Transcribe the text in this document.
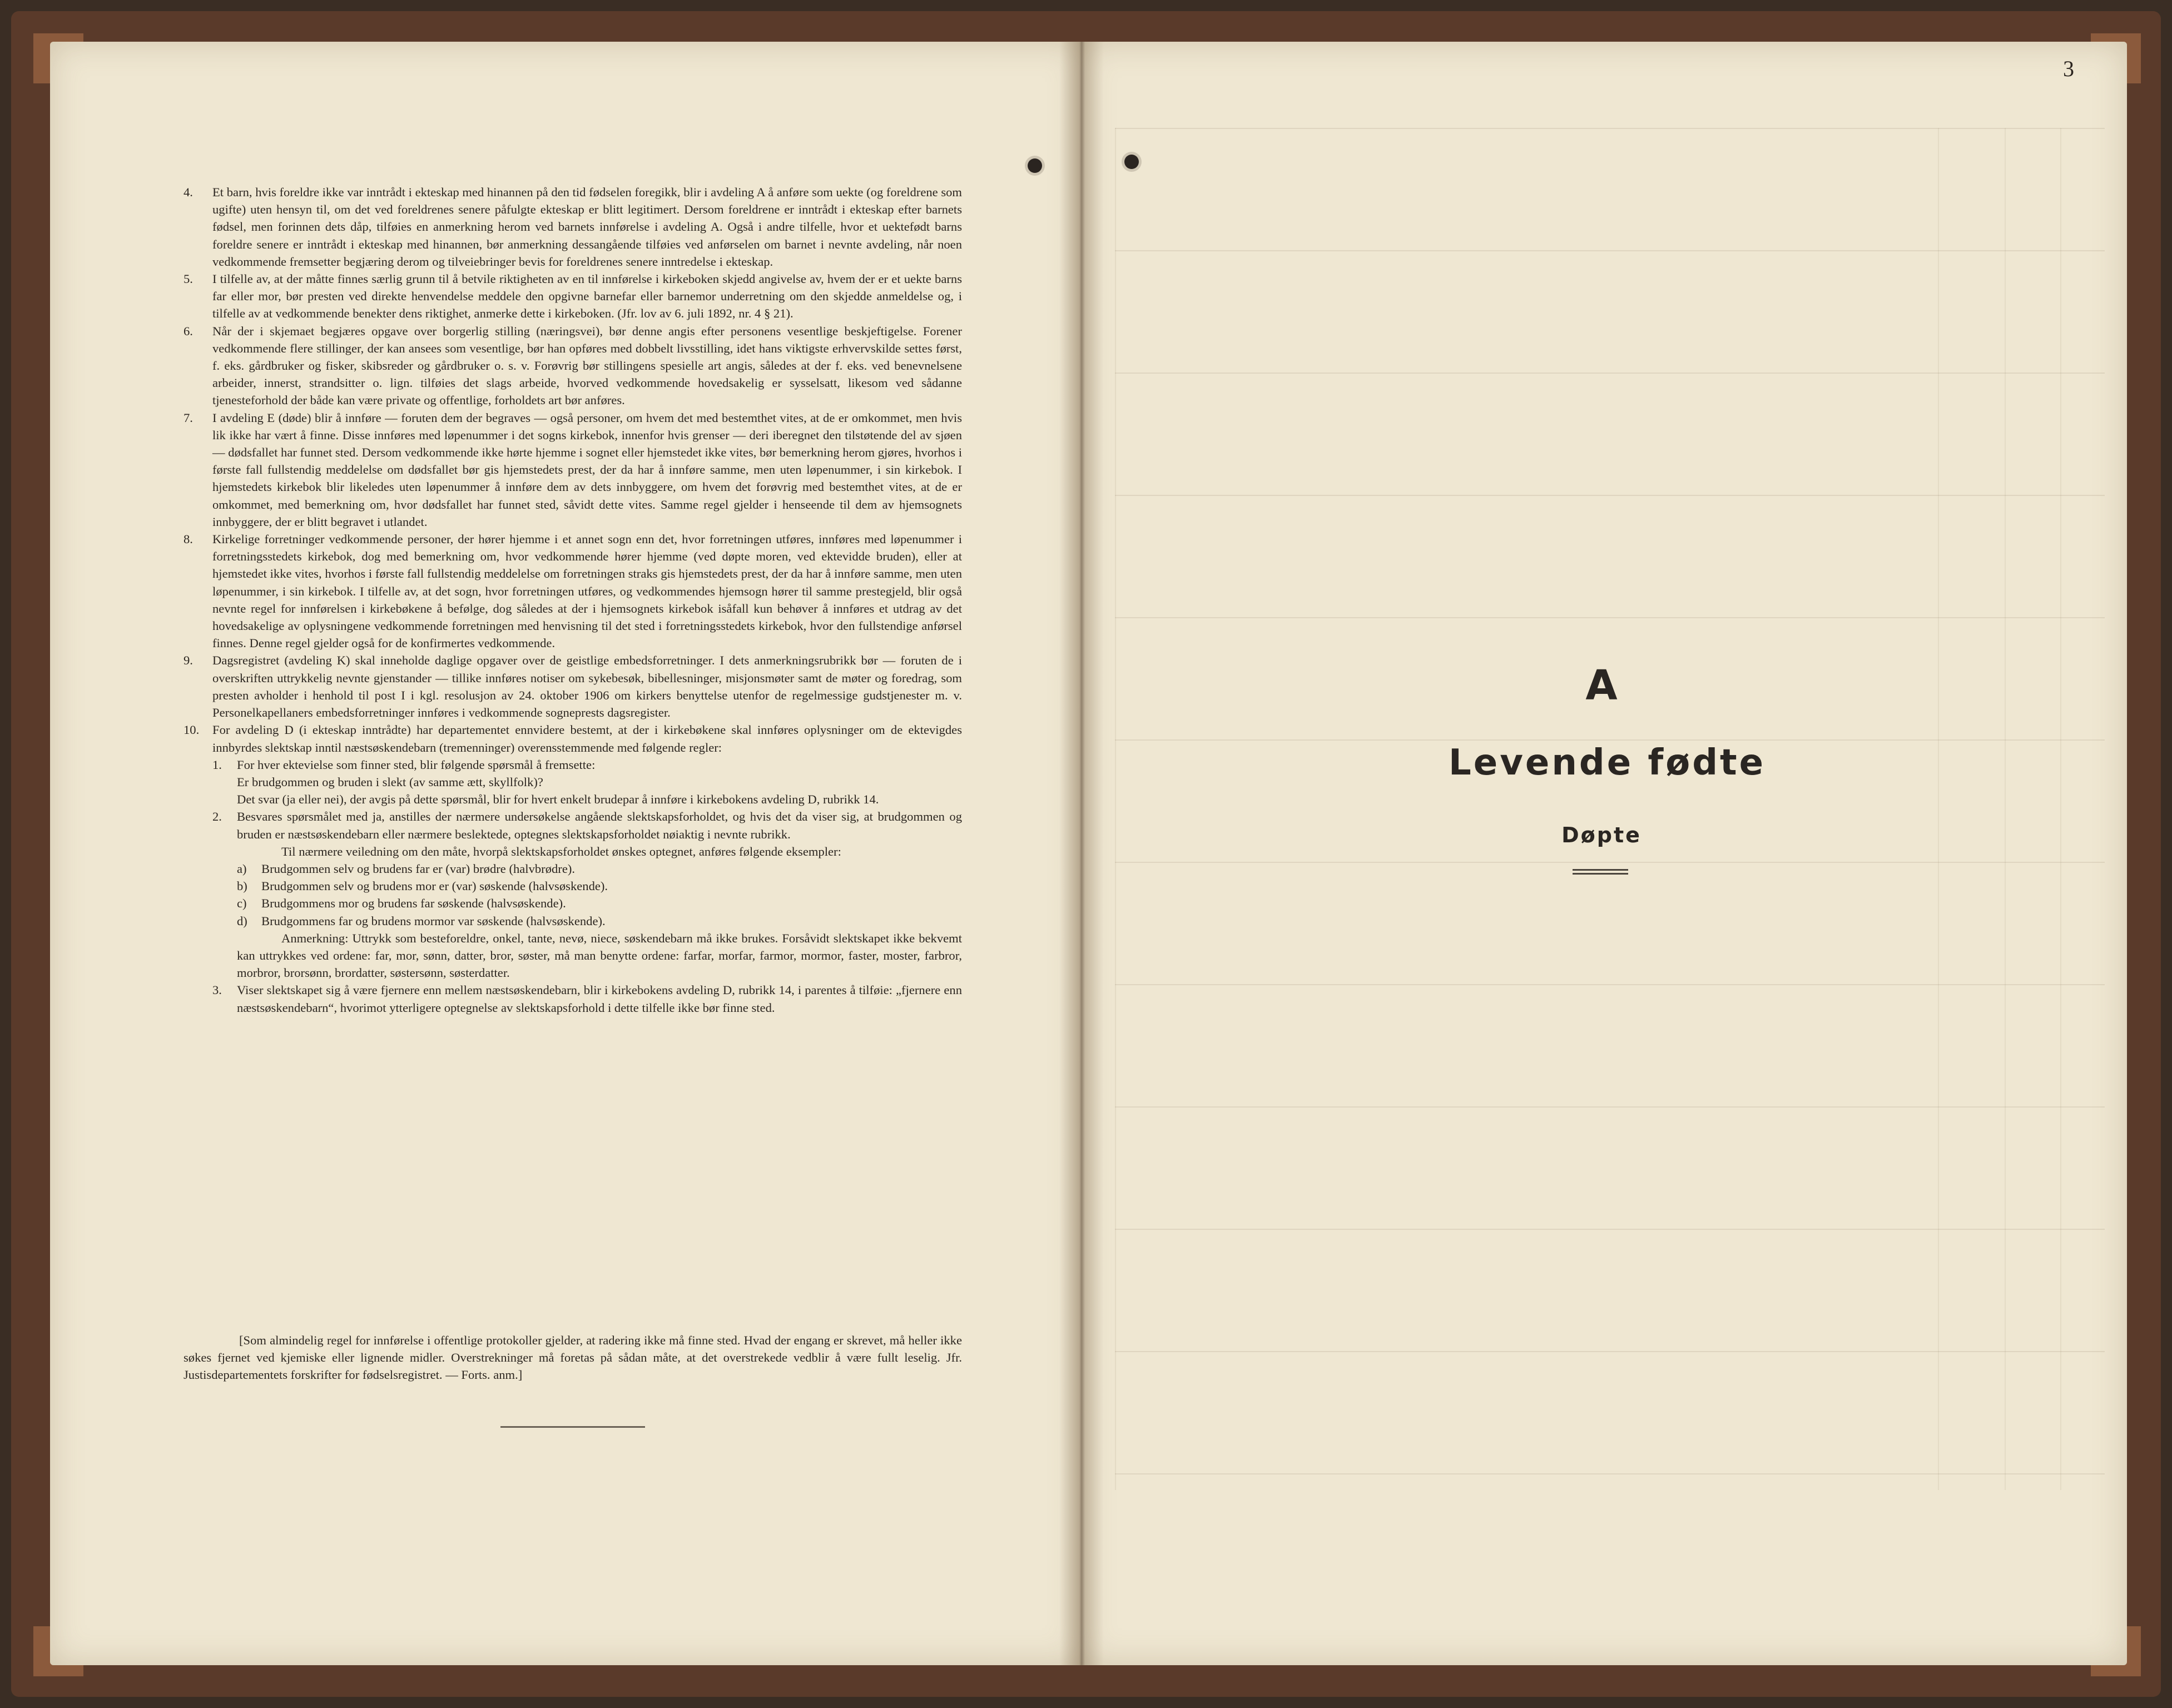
4.	Et barn, hvis foreldre ikke var inntrådt i ekteskap med hinannen på den tid fødselen foregikk, blir i avdeling A å anføre som uekte (og foreldrene som ugifte) uten hensyn til, om det ved foreldrenes senere påfulgte ekteskap er blitt legitimert. Dersom foreldrene er inntrådt i ekteskap efter barnets fødsel, men forinnen dets dåp, tilføies en anmerkning herom ved barnets innførelse i avdeling A. Også i andre tilfelle, hvor et uektefødt barns foreldre senere er inntrådt i ekteskap med hinannen, bør anmerkning dessangående tilføies ved anførselen om barnet i nevnte avdeling, når noen vedkommende fremsetter begjæring derom og tilveiebringer bevis for foreldrenes senere inntredelse i ekteskap.
5.	I tilfelle av, at der måtte finnes særlig grunn til å betvile riktigheten av en til innførelse i kirkeboken skjedd angivelse av, hvem der er et uekte barns far eller mor, bør presten ved direkte henvendelse meddele den opgivne barnefar eller barnemor underretning om den skjedde anmeldelse og, i tilfelle av at vedkommende benekter dens riktighet, anmerke dette i kirkeboken. (Jfr. lov av 6. juli 1892, nr. 4 § 21).
6.	Når der i skjemaet begjæres opgave over borgerlig stilling (næringsvei), bør denne angis efter personens vesentlige beskjeftigelse. Forener vedkommende flere stillinger, der kan ansees som vesentlige, bør han opføres med dobbelt livsstilling, idet hans viktigste erhvervskilde settes først, f. eks. gårdbruker og fisker, skibsreder og gårdbruker o. s. v. Forøvrig bør stillingens spesielle art angis, således at der f. eks. ved benevnelsene arbeider, innerst, strandsitter o. lign. tilføies det slags arbeide, hvorved vedkommende hovedsakelig er sysselsatt, likesom ved sådanne tjenesteforhold der både kan være private og offentlige, forholdets art bør anføres.
7.	I avdeling E (døde) blir å innføre — foruten dem der begraves — også personer, om hvem det med bestemthet vites, at de er omkommet, men hvis lik ikke har vært å finne. Disse innføres med løpenummer i det sogns kirkebok, innenfor hvis grenser — deri iberegnet den tilstøtende del av sjøen — dødsfallet har funnet sted. Dersom vedkommende ikke hørte hjemme i sognet eller hjemstedet ikke vites, bør bemerkning herom gjøres, hvorhos i første fall fullstendig meddelelse om dødsfallet bør gis hjemstedets prest, der da har å innføre samme, men uten løpenummer, i sin kirkebok. I hjemstedets kirkebok blir likeledes uten løpenummer å innføre dem av dets innbyggere, om hvem det forøvrig med bestemthet vites, at de er omkommet, med bemerkning om, hvor dødsfallet har funnet sted, såvidt dette vites. Samme regel gjelder i henseende til dem av hjemsognets innbyggere, der er blitt begravet i utlandet.
8.	Kirkelige forretninger vedkommende personer, der hører hjemme i et annet sogn enn det, hvor forretningen utføres, innføres med løpenummer i forretningsstedets kirkebok, dog med bemerkning om, hvor vedkommende hører hjemme (ved døpte moren, ved ektevidde bruden), eller at hjemstedet ikke vites, hvorhos i første fall fullstendig meddelelse om forretningen straks gis hjemstedets prest, der da har å innføre samme, men uten løpenummer, i sin kirkebok. I tilfelle av, at det sogn, hvor forretningen utføres, og vedkommendes hjemsogn hører til samme prestegjeld, blir også nevnte regel for innførelsen i kirkebøkene å befølge, dog således at der i hjemsognets kirkebok isåfall kun behøver å innføres et utdrag av det hovedsakelige av oplysningene vedkommende forretningen med henvisning til det sted i forretningsstedets kirkebok, hvor den fullstendige anførsel finnes. Denne regel gjelder også for de konfirmertes vedkommende.
9.	Dagsregistret (avdeling K) skal inneholde daglige opgaver over de geistlige embedsforretninger. I dets anmerkningsrubrikk bør — foruten de i overskriften uttrykkelig nevnte gjenstander — tillike innføres notiser om sykebesøk, bibellesninger, misjonsmøter samt de møter og foredrag, som presten avholder i henhold til post I i kgl. resolusjon av 24. oktober 1906 om kirkers benyttelse utenfor de regelmessige gudstjenester m. v. Personelkapellaners embedsforretninger innføres i vedkommende sogneprests dagsregister.
10.	For avdeling D (i ekteskap inntrådte) har departementet ennvidere bestemt, at der i kirkebøkene skal innføres oplysninger om de ektevigdes innbyrdes slektskap inntil næstsøskendebarn (tremenninger) overensstemmende med følgende regler:
1. For hver ektevielse som finner sted, blir følgende spørsmål å fremsette:
Er brudgommen og bruden i slekt (av samme ætt, skyllfolk)?
Det svar (ja eller nei), der avgis på dette spørsmål, blir for hvert enkelt brudepar å innføre i kirkebokens avdeling D, rubrikk 14.
2. Besvares spørsmålet med ja, anstilles der nærmere undersøkelse angående slektskapsforholdet, og hvis det da viser sig, at brudgommen og bruden er næstsøskendebarn eller nærmere beslektede, optegnes slektskapsforholdet nøiaktig i nevnte rubrikk.
Til nærmere veiledning om den måte, hvorpå slektskapsforholdet ønskes optegnet, anføres følgende eksempler:
a) Brudgommen selv og brudens far er (var) brødre (halvbrødre).
b) Brudgommen selv og brudens mor er (var) søskende (halvsøskende).
c) Brudgommens mor og brudens far søskende (halvsøskende).
d) Brudgommens far og brudens mormor var søskende (halvsøskende).
Anmerkning: Uttrykk som besteforeldre, onkel, tante, nevø, niece, søskendebarn må ikke brukes. Forsåvidt slektskapet ikke bekvemt kan uttrykkes ved ordene: far, mor, sønn, datter, bror, søster, må man benytte ordene: farfar, morfar, farmor, mormor, faster, moster, farbror, morbror, brorsønn, brordatter, søstersønn, søsterdatter.
3. Viser slektskapet sig å være fjernere enn mellem næstsøskendebarn, blir i kirkebokens avdeling D, rubrikk 14, i parentes å tilføie: „fjernere enn næstsøskendebarn“, hvorimot ytterligere optegnelse av slektskapsforhold i dette tilfelle ikke bør finne sted.
[Som almindelig regel for innførelse i offentlige protokoller gjelder, at radering ikke må finne sted. Hvad der engang er skrevet, må heller ikke søkes fjernet ved kjemiske eller lignende midler. Overstrekninger må foretas på sådan måte, at det overstrekede vedblir å være fullt leselig. Jfr. Justisdepartementets forskrifter for fødselsregistret. — Forts. anm.]
3
A
Levende fødte
Døpte
